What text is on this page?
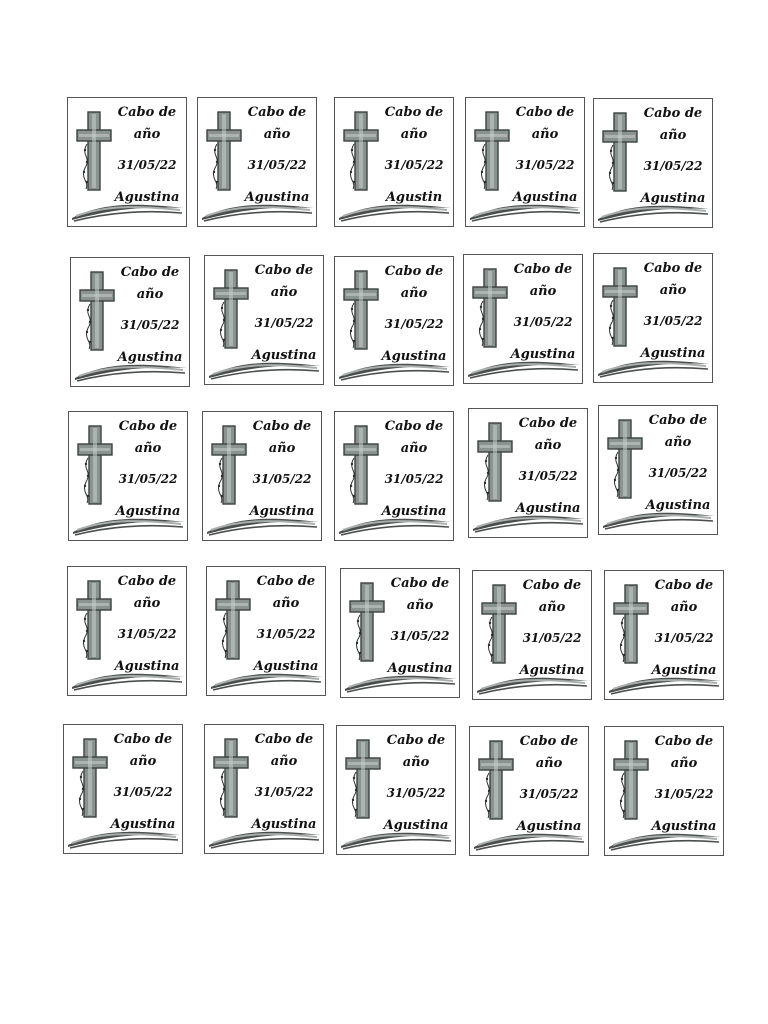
Cabo de
año
31/05/22
Agustina
Cabo de
año
31/05/22
Agustina
Cabo de
año
31/05/22
Agustin
Cabo de
año
31/05/22
Agustina
Cabo de
año
31/05/22
Agustina
Cabo de
año
31/05/22
Agustina
Cabo de
año
31/05/22
Agustina
Cabo de
año
31/05/22
Agustina
Cabo de
año
31/05/22
Agustina
Cabo de
año
31/05/22
Agustina
Cabo de
año
31/05/22
Agustina
Cabo de
año
31/05/22
Agustina
Cabo de
año
31/05/22
Agustina
Cabo de
año
31/05/22
Agustina
Cabo de
año
31/05/22
Agustina
Cabo de
año
31/05/22
Agustina
Cabo de
año
31/05/22
Agustina
Cabo de
año
31/05/22
Agustina
Cabo de
año
31/05/22
Agustina
Cabo de
año
31/05/22
Agustina
Cabo de
año
31/05/22
Agustina
Cabo de
año
31/05/22
Agustina
Cabo de
año
31/05/22
Agustina
Cabo de
año
31/05/22
Agustina
Cabo de
año
31/05/22
Agustina
